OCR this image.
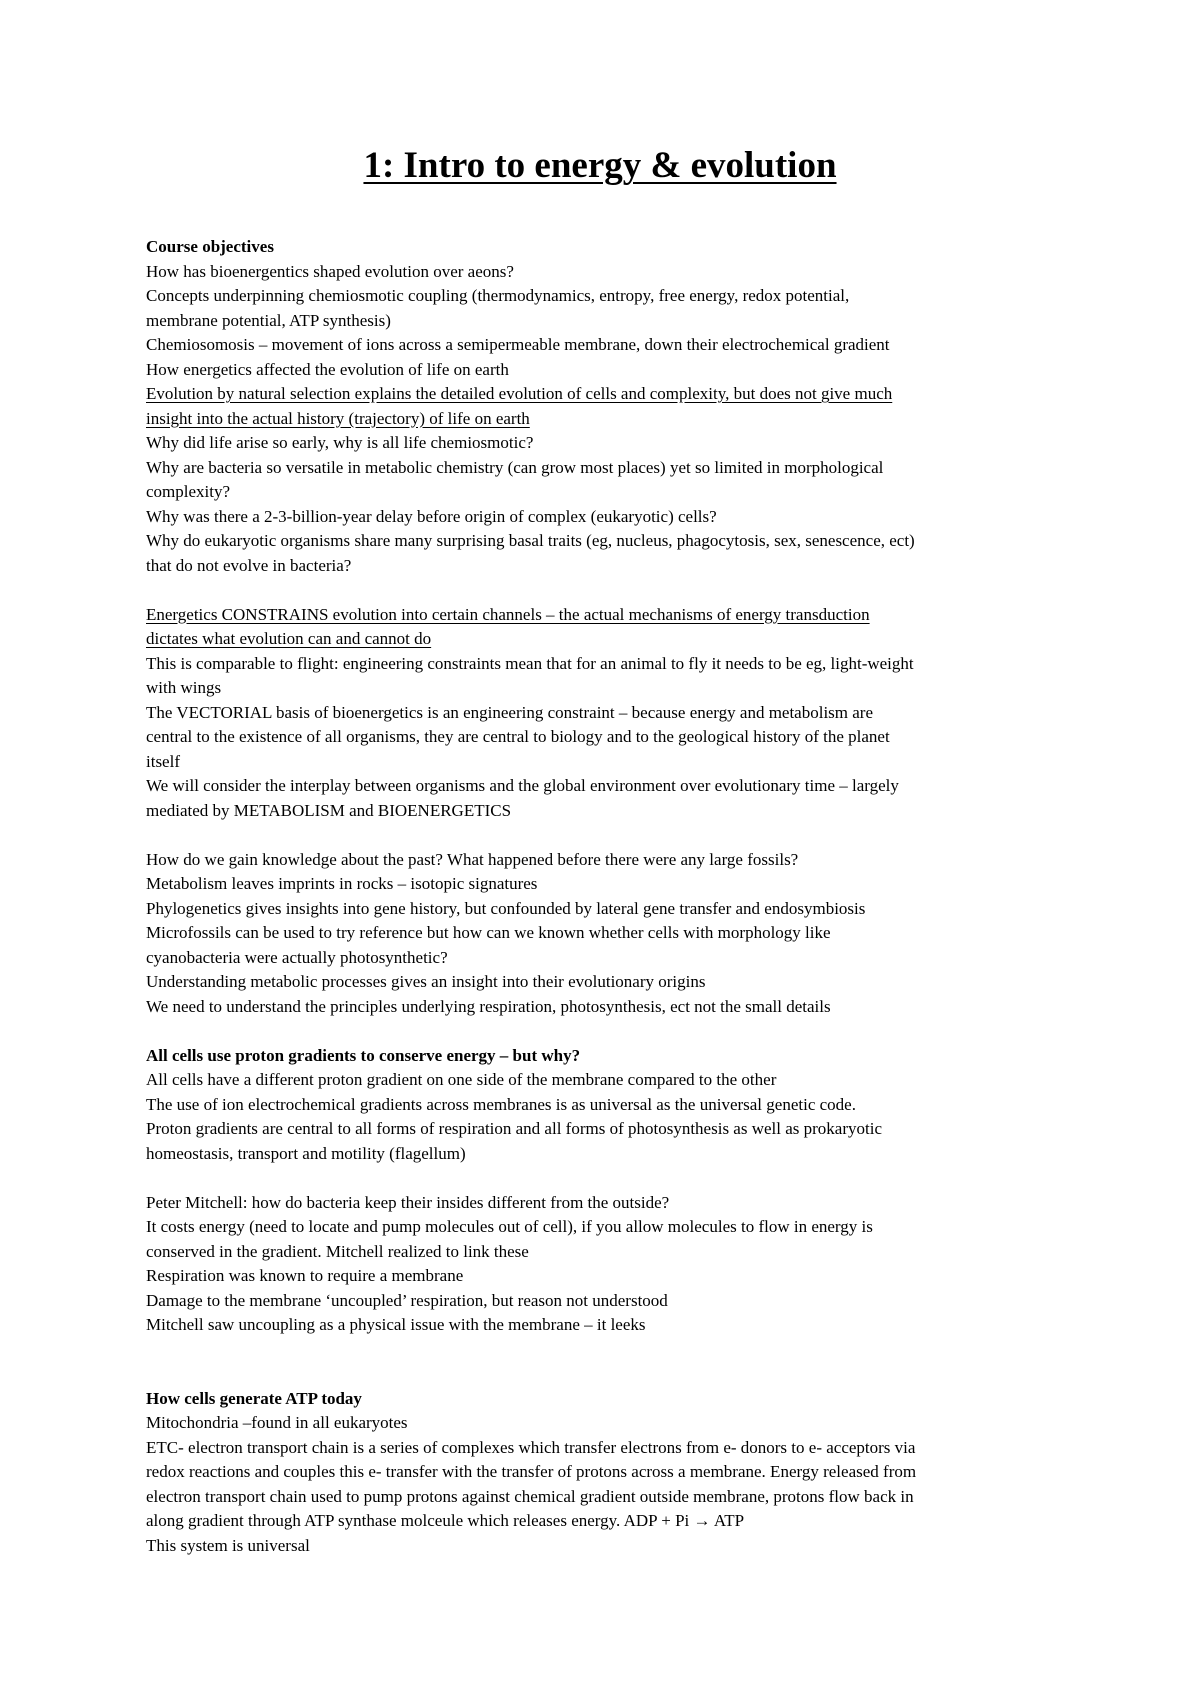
1: Intro to energy & evolution
Course objectives
How has bioenergentics shaped evolution over aeons?
Concepts underpinning chemiosmotic coupling (thermodynamics, entropy, free energy, redox potential,
membrane potential, ATP synthesis)
Chemiosomosis – movement of ions across a semipermeable membrane, down their electrochemical gradient
How energetics affected the evolution of life on earth
Evolution by natural selection explains the detailed evolution of cells and complexity, but does not give much
insight into the actual history (trajectory) of life on earth
Why did life arise so early, why is all life chemiosmotic?
Why are bacteria so versatile in metabolic chemistry (can grow most places) yet so limited in morphological
complexity?
Why was there a 2-3-billion-year delay before origin of complex (eukaryotic) cells?
Why do eukaryotic organisms share many surprising basal traits (eg, nucleus, phagocytosis, sex, senescence, ect)
that do not evolve in bacteria?
Energetics CONSTRAINS evolution into certain channels – the actual mechanisms of energy transduction
dictates what evolution can and cannot do
This is comparable to flight: engineering constraints mean that for an animal to fly it needs to be eg, light-weight
with wings
The VECTORIAL basis of bioenergetics is an engineering constraint – because energy and metabolism are
central to the existence of all organisms, they are central to biology and to the geological history of the planet
itself
We will consider the interplay between organisms and the global environment over evolutionary time – largely
mediated by METABOLISM and BIOENERGETICS
How do we gain knowledge about the past? What happened before there were any large fossils?
Metabolism leaves imprints in rocks – isotopic signatures
Phylogenetics gives insights into gene history, but confounded by lateral gene transfer and endosymbiosis
Microfossils can be used to try reference but how can we known whether cells with morphology like
cyanobacteria were actually photosynthetic?
Understanding metabolic processes gives an insight into their evolutionary origins
We need to understand the principles underlying respiration, photosynthesis, ect not the small details
All cells use proton gradients to conserve energy – but why?
All cells have a different proton gradient on one side of the membrane compared to the other
The use of ion electrochemical gradients across membranes is as universal as the universal genetic code.
Proton gradients are central to all forms of respiration and all forms of photosynthesis as well as prokaryotic
homeostasis, transport and motility (flagellum)
Peter Mitchell: how do bacteria keep their insides different from the outside?
It costs energy (need to locate and pump molecules out of cell), if you allow molecules to flow in energy is
conserved in the gradient. Mitchell realized to link these
Respiration was known to require a membrane
Damage to the membrane ‘uncoupled’ respiration, but reason not understood
Mitchell saw uncoupling as a physical issue with the membrane – it leeks
How cells generate ATP today
Mitochondria –found in all eukaryotes
ETC- electron transport chain is a series of complexes which transfer electrons from e- donors to e- acceptors via
redox reactions and couples this e- transfer with the transfer of protons across a membrane. Energy released from
electron transport chain used to pump protons against chemical gradient outside membrane, protons flow back in
along gradient through ATP synthase molceule which releases energy. ADP + Pi → ATP
This system is universal
